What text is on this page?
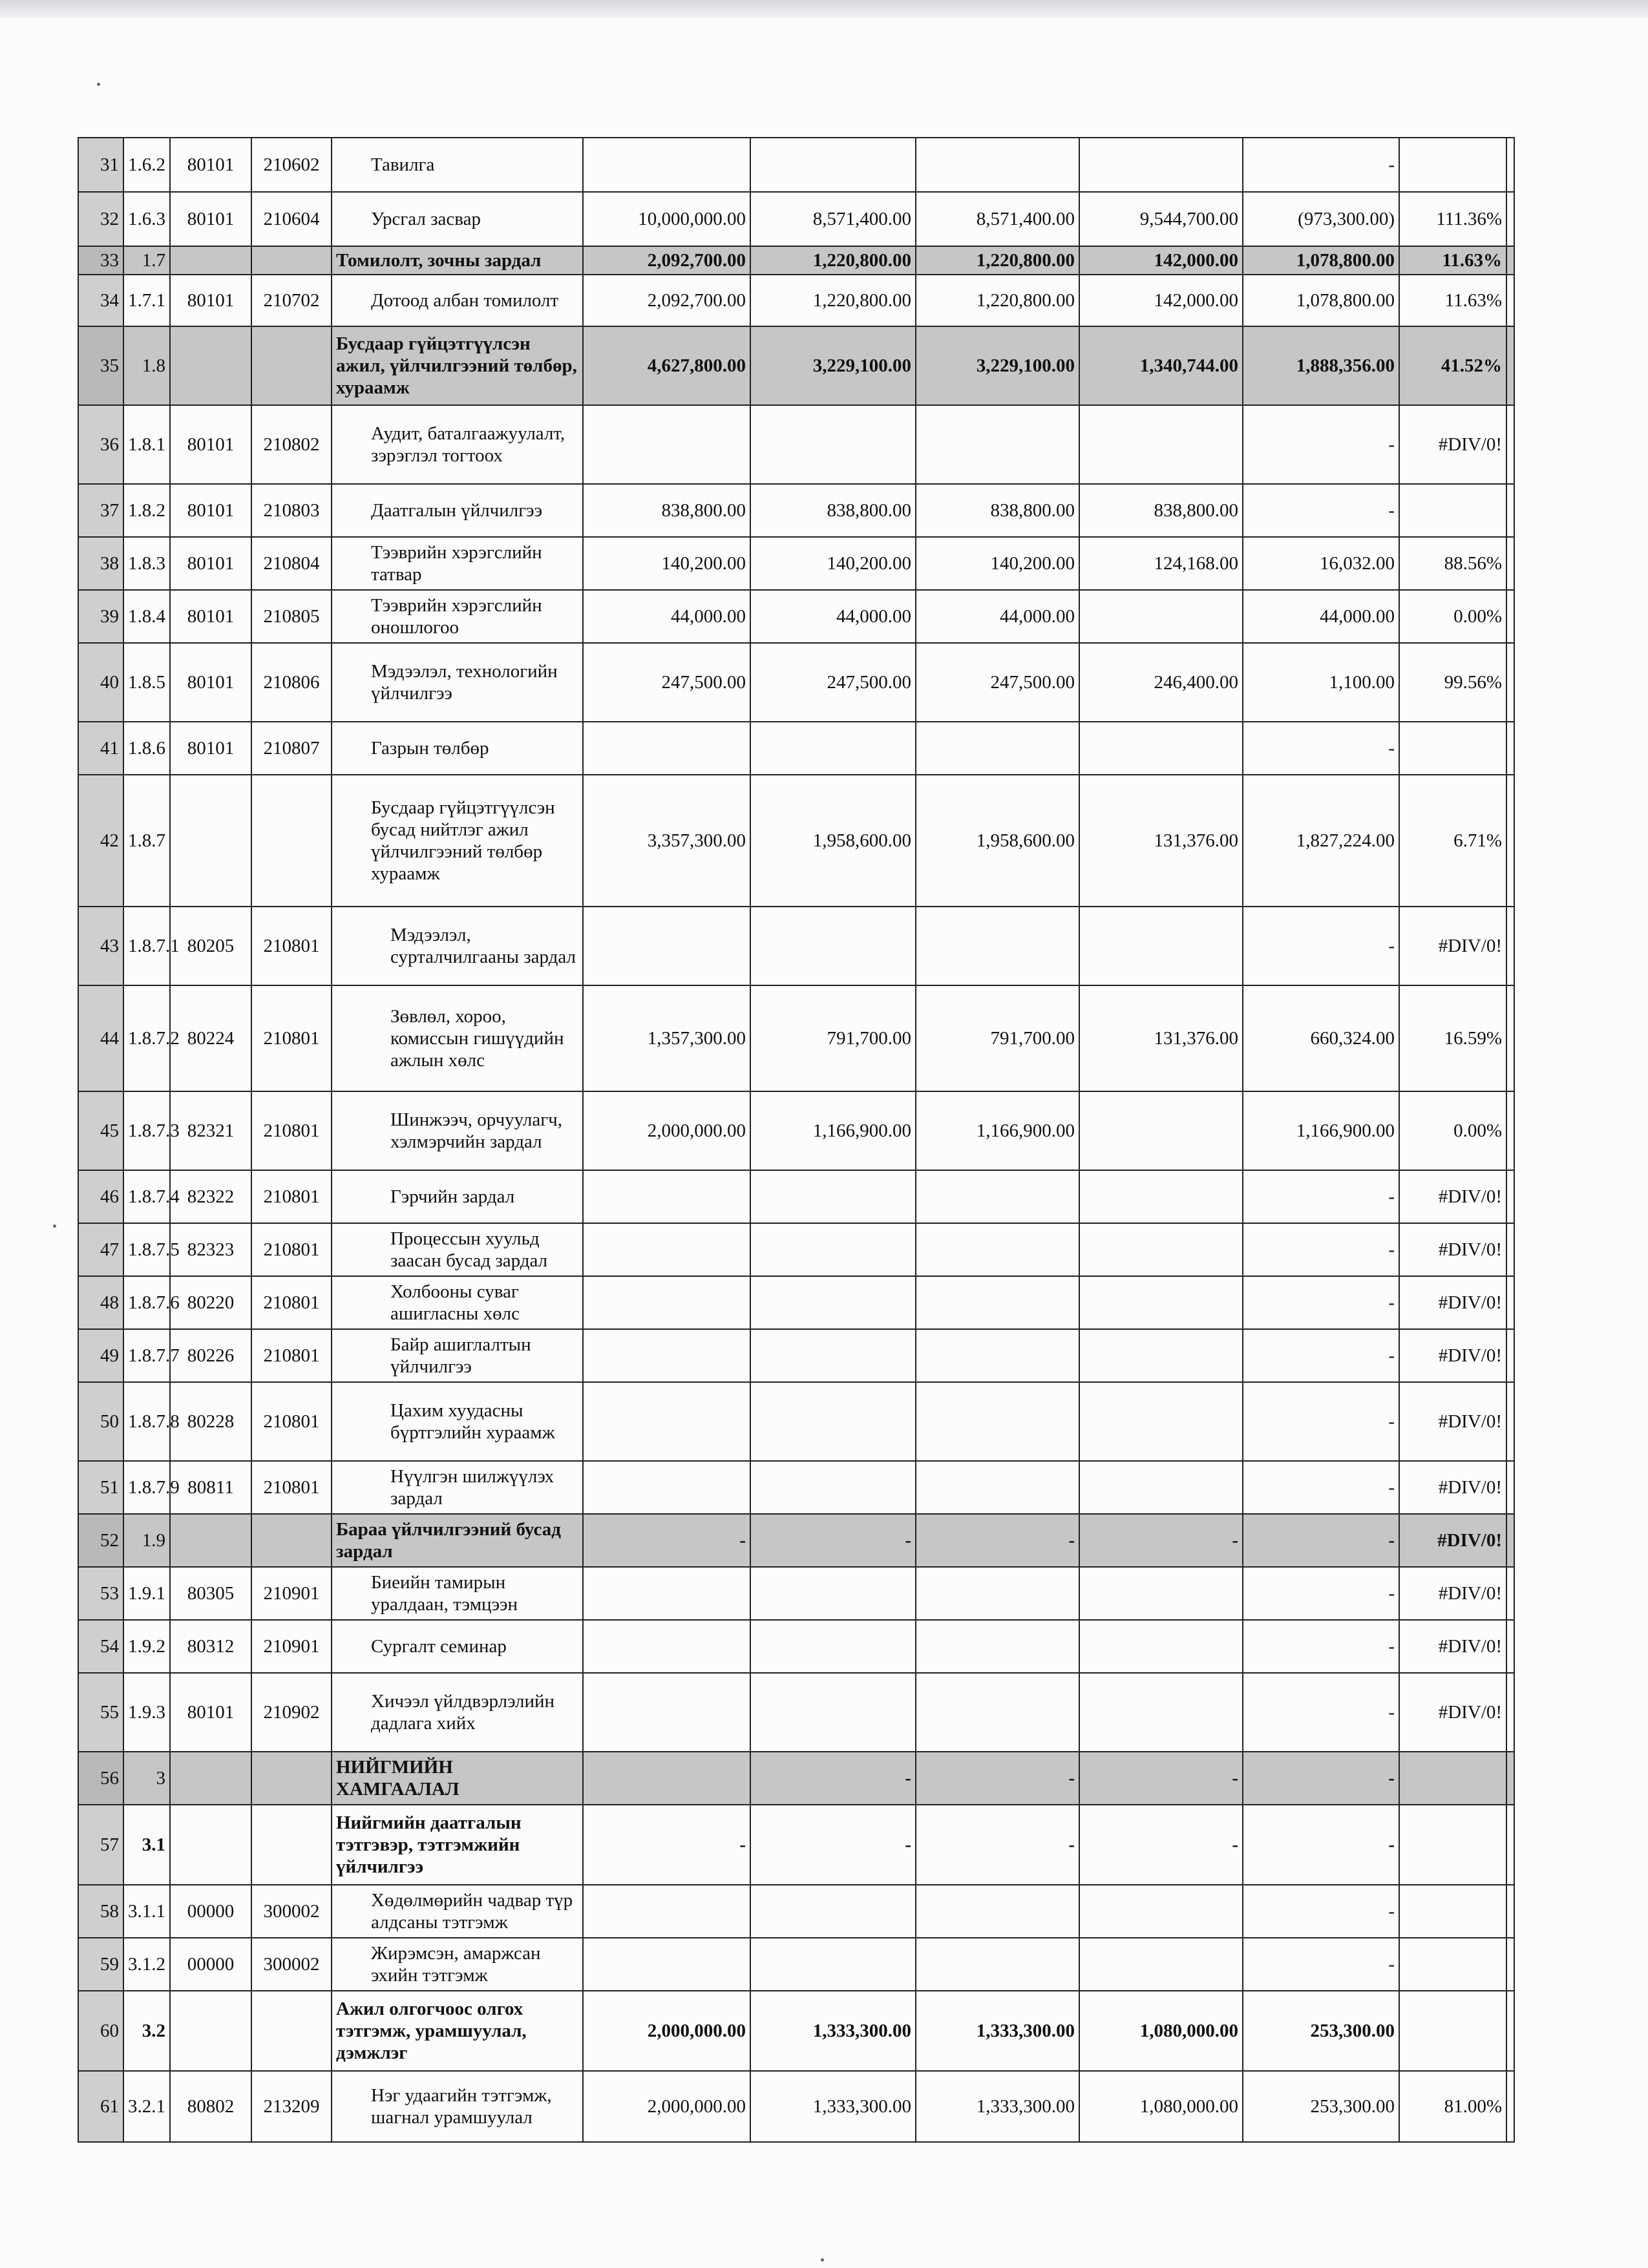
31	1.6.2	80101	210602	Тавилга					-		
32	1.6.3	80101	210604	Урсгал засвар	10,000,000.00	8,571,400.00	8,571,400.00	9,544,700.00	(973,300.00)	111.36%	
33	1.7			Томилолт, зочны зардал	2,092,700.00	1,220,800.00	1,220,800.00	142,000.00	1,078,800.00	11.63%	
34	1.7.1	80101	210702	Дотоод албан томилолт	2,092,700.00	1,220,800.00	1,220,800.00	142,000.00	1,078,800.00	11.63%	
35	1.8			Бусдаар гүйцэтгүүлсэн ажил, үйлчилгээний төлбөр, хураамж	4,627,800.00	3,229,100.00	3,229,100.00	1,340,744.00	1,888,356.00	41.52%	
36	1.8.1	80101	210802	Аудит, баталгаажуулалт, зэрэглэл тогтоох					-	#DIV/0!	
37	1.8.2	80101	210803	Даатгалын үйлчилгээ	838,800.00	838,800.00	838,800.00	838,800.00	-		
38	1.8.3	80101	210804	Тээврийн хэрэгслийн татвар	140,200.00	140,200.00	140,200.00	124,168.00	16,032.00	88.56%	
39	1.8.4	80101	210805	Тээврийн хэрэгслийн оношлогоо	44,000.00	44,000.00	44,000.00		44,000.00	0.00%	
40	1.8.5	80101	210806	Мэдээлэл, технологийн үйлчилгээ	247,500.00	247,500.00	247,500.00	246,400.00	1,100.00	99.56%	
41	1.8.6	80101	210807	Газрын төлбөр					-		
42	1.8.7			Бусдаар гүйцэтгүүлсэн бусад нийтлэг ажил үйлчилгээний төлбөр хураамж	3,357,300.00	1,958,600.00	1,958,600.00	131,376.00	1,827,224.00	6.71%	
43	1.8.7.1	80205	210801	Мэдээлэл, сурталчилгааны зардал					-	#DIV/0!	
44	1.8.7.2	80224	210801	Зөвлөл, хороо, комиссын гишүүдийн ажлын хөлс	1,357,300.00	791,700.00	791,700.00	131,376.00	660,324.00	16.59%	
45	1.8.7.3	82321	210801	Шинжээч, орчуулагч, хэлмэрчийн зардал	2,000,000.00	1,166,900.00	1,166,900.00		1,166,900.00	0.00%	
46	1.8.7.4	82322	210801	Гэрчийн зардал					-	#DIV/0!	
47	1.8.7.5	82323	210801	Процессын хуульд заасан бусад зардал					-	#DIV/0!	
48	1.8.7.6	80220	210801	Холбооны суваг ашигласны хөлс					-	#DIV/0!	
49	1.8.7.7	80226	210801	Байр ашиглалтын үйлчилгээ					-	#DIV/0!	
50	1.8.7.8	80228	210801	Цахим хуудасны бүртгэлийн хураамж					-	#DIV/0!	
51	1.8.7.9	80811	210801	Нүүлгэн шилжүүлэх зардал					-	#DIV/0!	
52	1.9			Бараа үйлчилгээний бусад зардал	-	-	-	-	-	#DIV/0!	
53	1.9.1	80305	210901	Биеийн тамирын уралдаан, тэмцээн					-	#DIV/0!	
54	1.9.2	80312	210901	Сургалт семинар					-	#DIV/0!	
55	1.9.3	80101	210902	Хичээл үйлдвэрлэлийн дадлага хийх					-	#DIV/0!	
56	3			НИЙГМИЙН ХАМГААЛАЛ		-	-	-	-		
57	3.1			Нийгмийн даатгалын тэтгэвэр, тэтгэмжийн үйлчилгээ	-	-	-	-	-		
58	3.1.1	00000	300002	Хөдөлмөрийн чадвар түр алдсаны тэтгэмж					-		
59	3.1.2	00000	300002	Жирэмсэн, амаржсан эхийн тэтгэмж					-		
60	3.2			Ажил олгогчоос олгох тэтгэмж, урамшуулал, дэмжлэг	2,000,000.00	1,333,300.00	1,333,300.00	1,080,000.00	253,300.00		
61	3.2.1	80802	213209	Нэг удаагийн тэтгэмж, шагнал урамшуулал	2,000,000.00	1,333,300.00	1,333,300.00	1,080,000.00	253,300.00	81.00%	
